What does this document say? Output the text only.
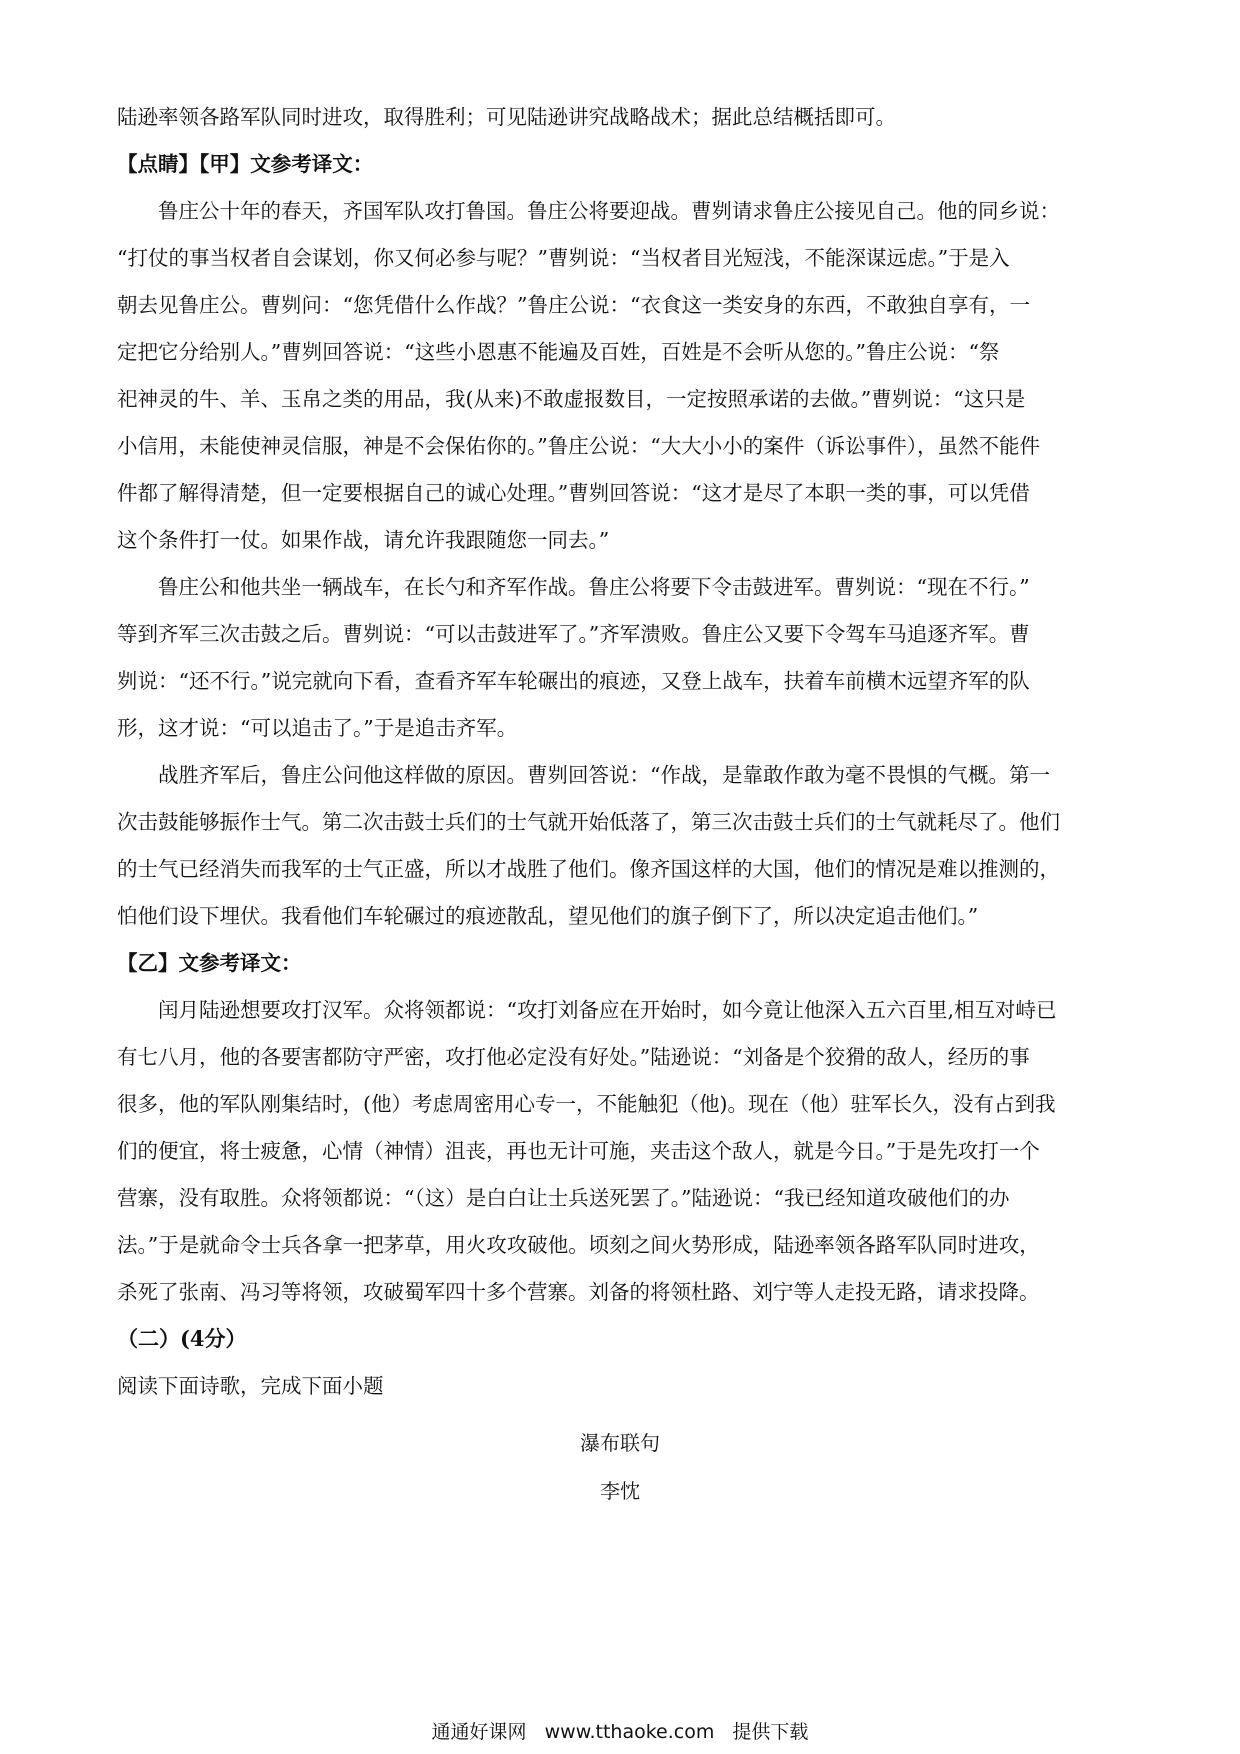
陆逊率领各路军队同时进攻，取得胜利；可见陆逊讲究战略战术；据此总结概括即可。
【点睛】【甲】文参考译文：
鲁庄公十年的春天，齐国军队攻打鲁国。鲁庄公将要迎战。曹刿请求鲁庄公接见自己。他的同乡说：
“打仗的事当权者自会谋划，你又何必参与呢？”曹刿说：“当权者目光短浅，不能深谋远虑。”于是入
朝去见鲁庄公。曹刿问：“您凭借什么作战？”鲁庄公说：“衣食这一类安身的东西，不敢独自享有，一
定把它分给别人。”曹刿回答说：“这些小恩惠不能遍及百姓，百姓是不会听从您的。”鲁庄公说：“祭
祀神灵的牛、羊、玉帛之类的用品，我(从来)不敢虚报数目，一定按照承诺的去做。”曹刿说：“这只是
小信用，未能使神灵信服，神是不会保佑你的。”鲁庄公说：“大大小小的案件（诉讼事件），虽然不能件
件都了解得清楚，但一定要根据自己的诚心处理。”曹刿回答说：“这才是尽了本职一类的事，可以凭借
这个条件打一仗。如果作战，请允许我跟随您一同去。”
鲁庄公和他共坐一辆战车，在长勺和齐军作战。鲁庄公将要下令击鼓进军。曹刿说：“现在不行。”
等到齐军三次击鼓之后。曹刿说：“可以击鼓进军了。”齐军溃败。鲁庄公又要下令驾车马追逐齐军。曹
刿说：“还不行。”说完就向下看，查看齐军车轮碾出的痕迹，又登上战车，扶着车前横木远望齐军的队
形，这才说：“可以追击了。”于是追击齐军。
战胜齐军后，鲁庄公问他这样做的原因。曹刿回答说：“作战，是靠敢作敢为毫不畏惧的气概。第一
次击鼓能够振作士气。第二次击鼓士兵们的士气就开始低落了，第三次击鼓士兵们的士气就耗尽了。他们
的士气已经消失而我军的士气正盛，所以才战胜了他们。像齐国这样的大国，他们的情况是难以推测的，
怕他们设下埋伏。我看他们车轮碾过的痕迹散乱，望见他们的旗子倒下了，所以决定追击他们。”
【乙】文参考译文：
闰月陆逊想要攻打汉军。众将领都说：“攻打刘备应在开始时，如今竟让他深入五六百里,相互对峙已
有七八月，他的各要害都防守严密，攻打他必定没有好处。”陆逊说：“刘备是个狡猾的敌人，经历的事
很多，他的军队刚集结时，(他）考虑周密用心专一，不能触犯（他)。现在（他）驻军长久，没有占到我
们的便宜，将士疲惫，心情（神情）沮丧，再也无计可施，夹击这个敌人，就是今日。”于是先攻打一个
营寨，没有取胜。众将领都说：“（这）是白白让士兵送死罢了。”陆逊说：“我已经知道攻破他们的办
法。”于是就命令士兵各拿一把茅草，用火攻攻破他。顷刻之间火势形成，陆逊率领各路军队同时进攻，
杀死了张南、冯习等将领，攻破蜀军四十多个营寨。刘备的将领杜路、刘宁等人走投无路，请求投降。
（二）(4分）
阅读下面诗歌，完成下面小题
瀑布联句
李忱
通通好课网 www.tthaoke.com 提供下载
